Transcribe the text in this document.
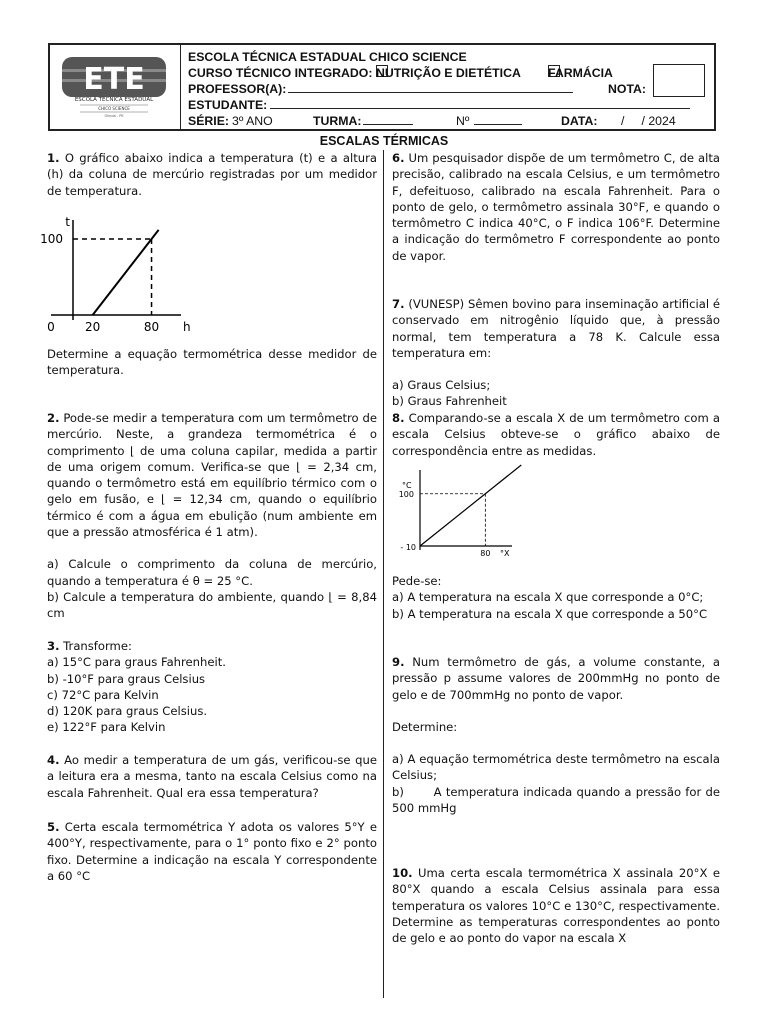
ETE
ESCOLA TÉCNICA ESTADUAL
CHICO SCIENCE
Olinda - PE
ESCOLA TÉCNICA ESTADUAL CHICO SCIENCE
CURSO TÉCNICO INTEGRADO: NUTRIÇÃO E DIETÉTICA FARMÁCIA
PROFESSOR(A):	NOTA:
ESTUDANTE:
SÉRIE: 3º ANO	TURMA:	Nº	DATA: /     / 2024
ESCALAS TÉRMICAS

1. O gráfico abaixo indica a temperatura (t) e a altura (h) da coluna de mercúrio registradas por um medidor de temperatura.

t
h
0
100
20	80

Determine a equação termométrica desse medidor de temperatura.

2. Pode-se medir a temperatura com um termômetro de mercúrio. Neste, a grandeza termométrica é o comprimento ⌊ de uma coluna capilar, medida a partir de uma origem comum. Verifica-se que ⌊ = 2,34 cm, quando o termômetro está em equilíbrio térmico com o gelo em fusão, e ⌊ = 12,34 cm, quando o equilíbrio térmico é com a água em ebulição (num ambiente em que a pressão atmosférica é 1 atm).

a) Calcule o comprimento da coluna de mercúrio, quando a temperatura é θ = 25 °C.

b) Calcule a temperatura do ambiente, quando ⌊ = 8,84 cm

3. Transforme:

a) 15°C para graus Fahrenheit.

b) -10°F para graus Celsius

c) 72°C para Kelvin

d) 120K para graus Celsius.

e) 122°F para Kelvin

4. Ao medir a temperatura de um gás, verificou-se que a leitura era a mesma, tanto na escala Celsius como na escala Fahrenheit. Qual era essa temperatura?

5. Certa escala termométrica Y adota os valores 5°Y e 400°Y, respectivamente, para o 1° ponto fixo e 2° ponto fixo. Determine a indicação na escala Y correspondente a 60 °C

6. Um pesquisador dispõe de um termômetro C, de alta precisão, calibrado na escala Celsius, e um termômetro F, defeituoso, calibrado na escala Fahrenheit. Para o ponto de gelo, o termômetro assinala 30°F, e quando o termômetro C indica 40°C, o F indica 106°F. Determine a indicação do termômetro F correspondente ao ponto de vapor.

7. (VUNESP) Sêmen bovino para inseminação artificial é conservado em nitrogênio líquido que, à pressão normal, tem temperatura a 78 K. Calcule essa temperatura em:

a) Graus Celsius;

b) Graus Fahrenheit

8. Comparando-se a escala X de um termômetro com a escala Celsius obteve-se o gráfico abaixo de correspondência entre as medidas.

°C
°X
100
- 10
80

Pede-se:

a) A temperatura na escala X que corresponde a 0°C;

b) A temperatura na escala X que corresponde a 50°C

9. Num termômetro de gás, a volume constante, a pressão p assume valores de 200mmHg no ponto de gelo e de 700mmHg no ponto de vapor.

Determine:

a) A equação termométrica deste termômetro na escala Celsius;

b)       A temperatura indicada quando a pressão for de 500 mmHg

10. Uma certa escala termométrica X assinala 20°X e 80°X quando a escala Celsius assinala para essa temperatura os valores 10°C e 130°C, respectivamente. Determine as temperaturas correspondentes ao ponto de gelo e ao ponto do vapor na escala X
